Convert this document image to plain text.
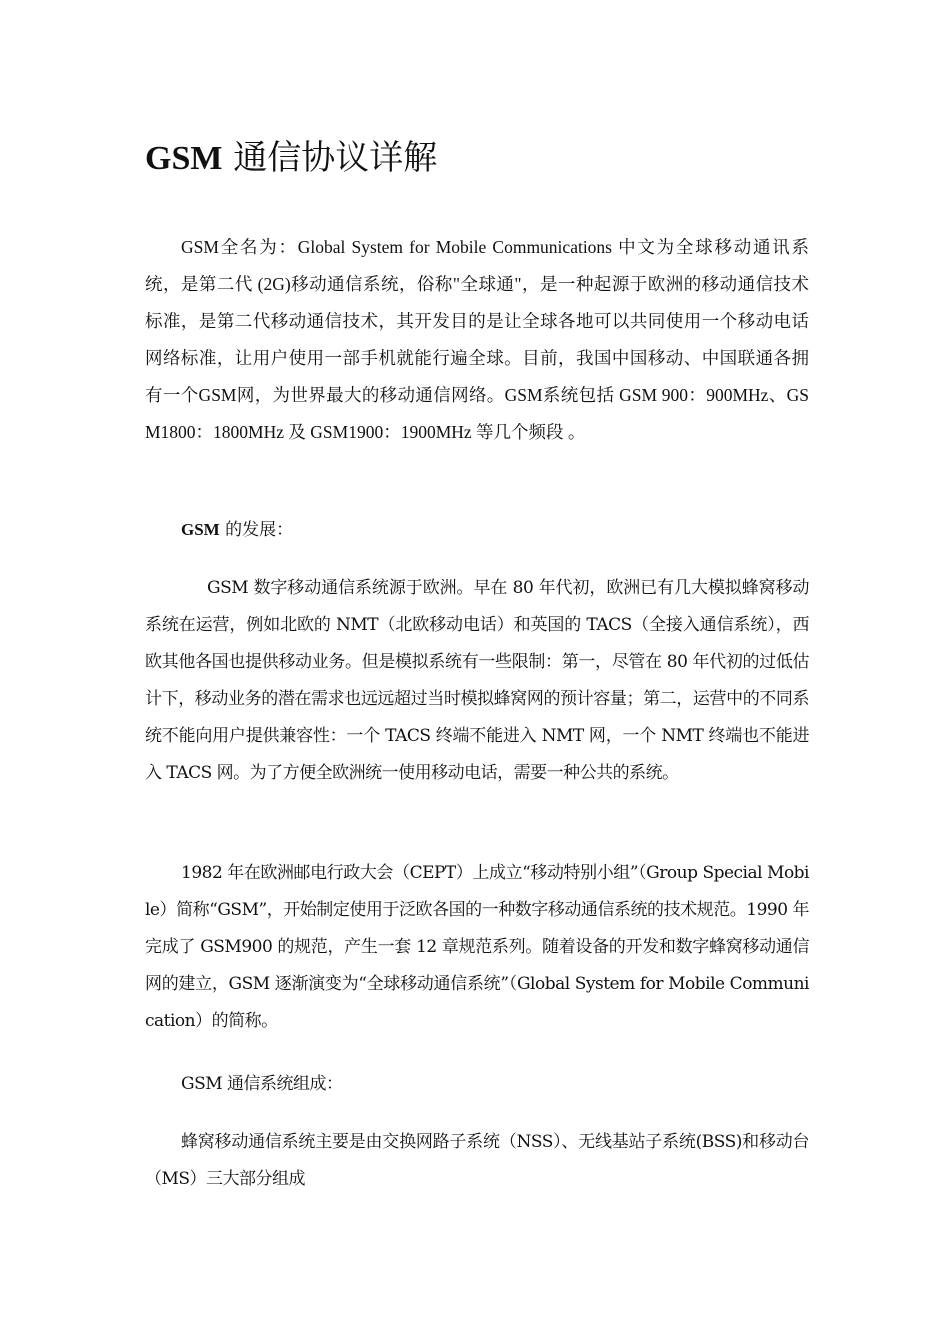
GSM 通信协议详解

GSM全名为：Global System for Mobile Communications 中文为全球移动通讯系统，是第二代 (2G)移动通信系统，俗称"全球通"，是一种起源于欧洲的移动通信技术标准，是第二代移动通信技术，其开发目的是让全球各地可以共同使用一个移动电话网络标准，让用户使用一部手机就能行遍全球。目前，我国中国移动、中国联通各拥有一个GSM网，为世界最大的移动通信网络。GSM系统包括 GSM 900：900MHz、GSM1800：1800MHz 及 GSM1900：1900MHz 等几个频段 。

GSM 的发展：

GSM 数字移动通信系统源于欧洲。早在 80 年代初，欧洲已有几大模拟蜂窝移动系统在运营，例如北欧的 NMT（北欧移动电话）和英国的 TACS（全接入通信系统），西欧其他各国也提供移动业务。但是模拟系统有一些限制：第一，尽管在 80 年代初的过低估计下，移动业务的潜在需求也远远超过当时模拟蜂窝网的预计容量；第二，运营中的不同系统不能向用户提供兼容性：一个 TACS 终端不能进入 NMT 网，一个 NMT 终端也不能进入 TACS 网。为了方便全欧洲统一使用移动电话，需要一种公共的系统。

1982 年在欧洲邮电行政大会（CEPT）上成立“移动特别小组”（Group Special Mobile）简称“GSM”，开始制定使用于泛欧各国的一种数字移动通信系统的技术规范。1990 年完成了 GSM900 的规范，产生一套 12 章规范系列。随着设备的开发和数字蜂窝移动通信网的建立，GSM 逐渐演变为“全球移动通信系统”（Global System for Mobile Communication）的简称。

GSM 通信系统组成：

蜂窝移动通信系统主要是由交换网路子系统（NSS）、无线基站子系统(BSS)和移动台（MS）三大部分组成
